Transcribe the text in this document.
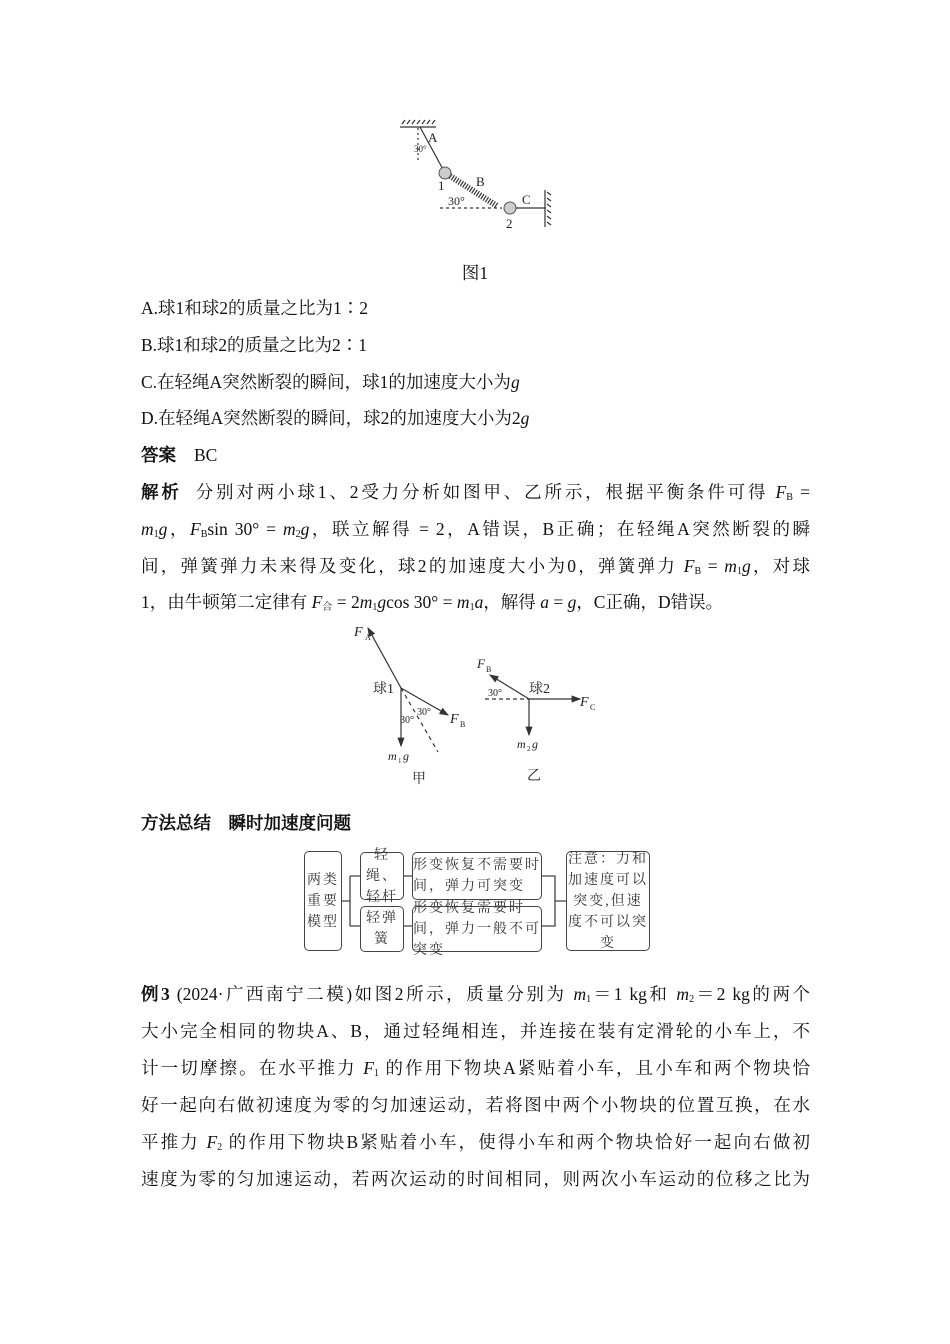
A
30°
B
1
30°	C
2
图1
A.球1和球2的质量之比为1∶2
B.球1和球2的质量之比为2∶1
C.在轻绳A突然断裂的瞬间，球1的加速度大小为g
D.在轻绳A突然断裂的瞬间，球2的加速度大小为2g
答案 BC
解析 分别对两小球1、2受力分析如图甲、乙所示，根据平衡条件可得 $F_B$ =
$m_1g$，$F_B\sin$ $30^\circ = m_2g$，联立解得 = 2，A错误，B正确；在轻绳A突然断裂的瞬
间，弹簧弹力未来得及变化，球2的加速度大小为0，弹簧弹力 $F_B = m_1g$，对球
1，由牛顿第二定律有 $F_合 = 2m_1gcos$ $30^\circ = m_1a$，解得 a = g，C正确，D错误。
F A
球1
30°
30° F B
m 1 g
甲
F B
30° 球2
F C
m 2 g
乙
方法总结　瞬时加速度问题
两类重要模型
轻绳、轻杆
形变恢复不需要时间，弹力可突变
轻弹簧
形变恢复需要时间，弹力一般不可突变
注意：力和加速度可以突变,但速度不可以突变
例3 (2024·广西南宁二模)如图2所示，质量分别为 $m_1=1$ kg和 $m_2=2$ kg的两个
大小完全相同的物块A、B，通过轻绳相连，并连接在装有定滑轮的小车上，不
计一切摩擦。在水平推力 $F_1$ 的作用下物块A紧贴着小车，且小车和两个物块恰
好一起向右做初速度为零的匀加速运动，若将图中两个小物块的位置互换，在水
平推力 $F_2$ 的作用下物块B紧贴着小车，使得小车和两个物块恰好一起向右做初
速度为零的匀加速运动，若两次运动的时间相同，则两次小车运动的位移之比为
